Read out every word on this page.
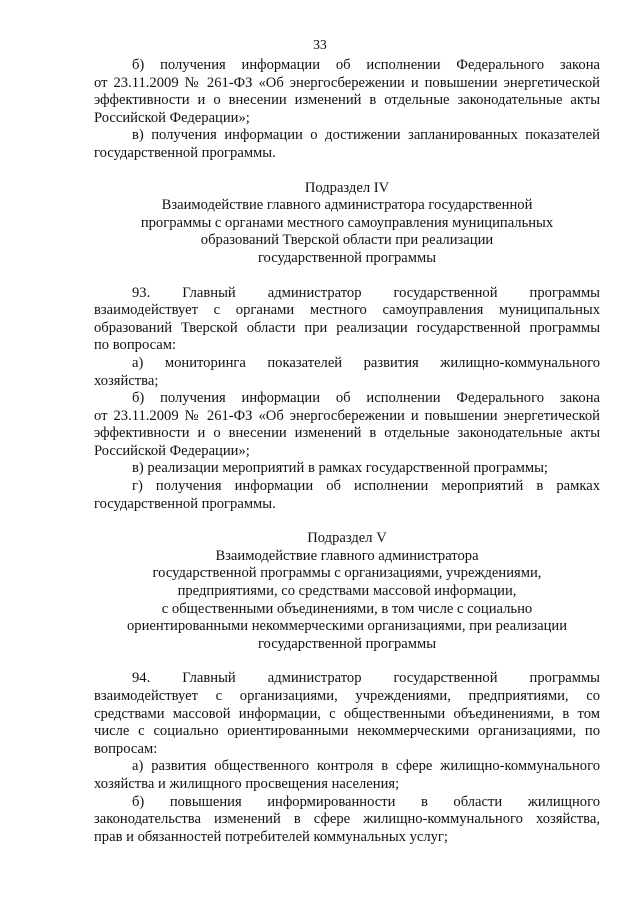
33
б) получения информации об исполнении Федерального закона
от 23.11.2009 № 261-ФЗ «Об энергосбережении и повышении энергетической
эффективности и о внесении изменений в отдельные законодательные акты
Российской Федерации»;
в) получения информации о достижении запланированных показателей
государственной программы.

Подраздел IV

Взаимодействие главного администратора государственной

программы с органами местного самоуправления муниципальных

образований Тверской области при реализации

государственной программы

93. Главный администратор государственной программы
взаимодействует с органами местного самоуправления муниципальных
образований Тверской области при реализации государственной программы
по вопросам:
а) мониторинга показателей развития жилищно-коммунального
хозяйства;
б) получения информации об исполнении Федерального закона
от 23.11.2009 № 261-ФЗ «Об энергосбережении и повышении энергетической
эффективности и о внесении изменений в отдельные законодательные акты
Российской Федерации»;
в) реализации мероприятий в рамках государственной программы;
г) получения информации об исполнении мероприятий в рамках
государственной программы.

Подраздел V

Взаимодействие главного администратора

государственной программы с организациями, учреждениями,

предприятиями, со средствами массовой информации,

с общественными объединениями, в том числе с социально

ориентированными некоммерческими организациями, при реализации

государственной программы

94. Главный администратор государственной программы
взаимодействует с организациями, учреждениями, предприятиями, со
средствами массовой информации, с общественными объединениями, в том
числе с социально ориентированными некоммерческими организациями, по
вопросам:
а) развития общественного контроля в сфере жилищно-коммунального
хозяйства и жилищного просвещения населения;
б) повышения информированности в области жилищного
законодательства изменений в сфере жилищно-коммунального хозяйства,
прав и обязанностей потребителей коммунальных услуг;
